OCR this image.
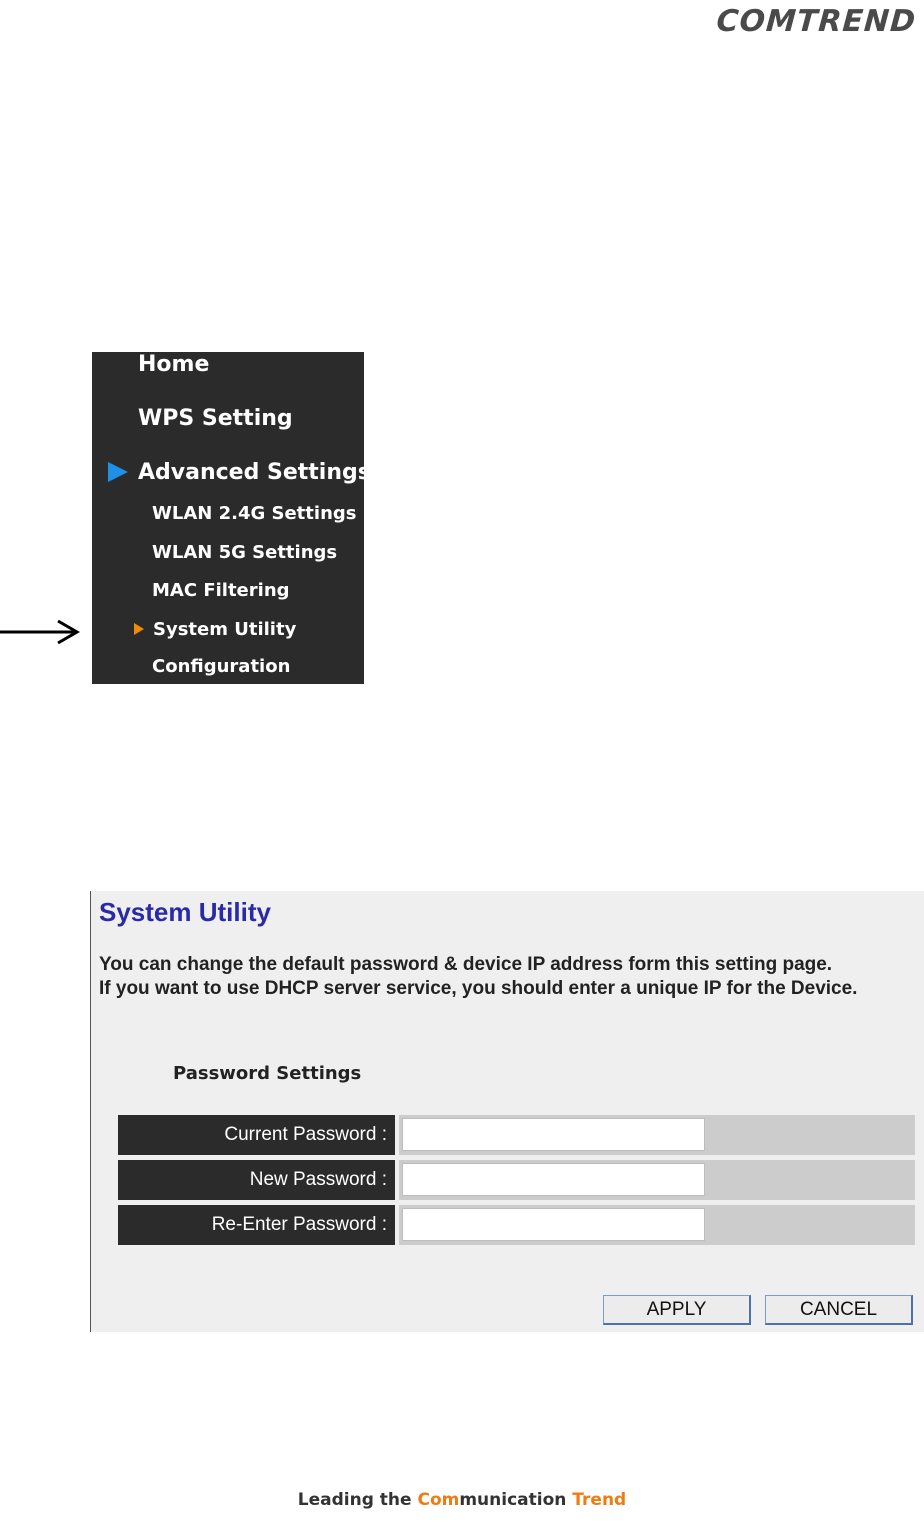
COMTREND
Home
WPS Setting
Advanced Settings
WLAN 2.4G Settings
WLAN 5G Settings
MAC Filtering
System Utility
Configuration
System Utility
You can change the default password & device IP address form this setting page.
If you want to use DHCP server service, you should enter a unique IP for the Device.
Password Settings
Current Password :
New Password :
Re-Enter Password :
APPLY	CANCEL
Leading the Communication Trend
